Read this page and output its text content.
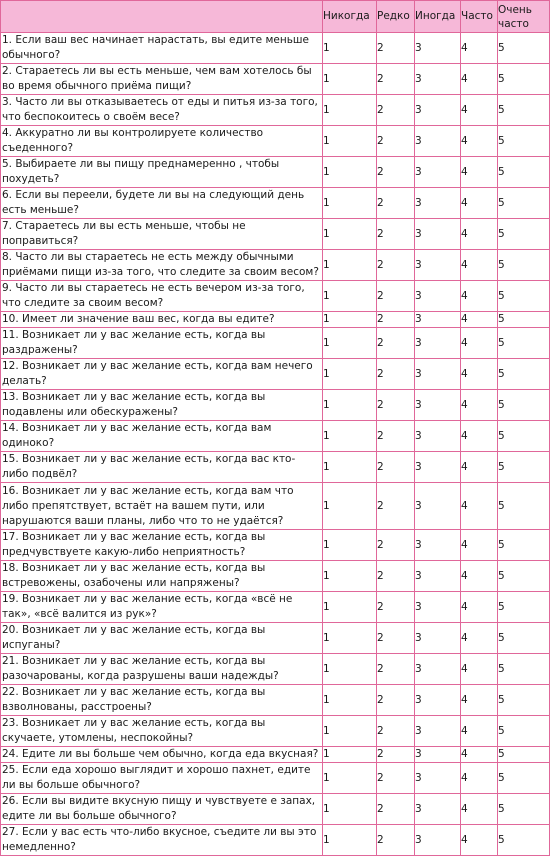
	Никогда	Редко	Иногда	Часто	Очень часто
1. Если ваш вес начинает нарастать, вы едите меньше обычного?	1	2	3	4	5
2. Стараетесь ли вы есть меньше, чем вам хотелось бы во время обычного приёма пищи?	1	2	3	4	5
3. Часто ли вы отказываетесь от еды и питья из-за того, что беспокоитесь о своём весе?	1	2	3	4	5
4. Аккуратно ли вы контролируете количество съеденного?	1	2	3	4	5
5. Выбираете ли вы пищу преднамеренно , чтобы похудеть?	1	2	3	4	5
6. Если вы переели, будете ли вы на следующий день есть меньше?	1	2	3	4	5
7. Стараетесь ли вы есть меньше, чтобы не поправиться?	1	2	3	4	5
8. Часто ли вы стараетесь не есть между обычными приёмами пищи из-за того, что следите за своим весом?	1	2	3	4	5
9. Часто ли вы стараетесь не есть вечером из-за того, что следите за своим весом?	1	2	3	4	5
10. Имеет ли значение ваш вес, когда вы едите?	1	2	3	4	5
11. Возникает ли у вас желание есть, когда вы раздражены?	1	2	3	4	5
12. Возникает ли у вас желание есть, когда вам нечего делать?	1	2	3	4	5
13. Возникает ли у вас желание есть, когда вы подавлены или обескуражены?	1	2	3	4	5
14. Возникает ли у вас желание есть, когда вам одиноко?	1	2	3	4	5
15. Возникает ли у вас желание есть, когда вас кто-либо подвёл?	1	2	3	4	5
16. Возникает ли у вас желание есть, когда вам что либо препятствует, встаёт на вашем пути, или нарушаются ваши планы, либо что то не удаётся?	1	2	3	4	5
17. Возникает ли у вас желание есть, когда вы предчувствуете какую-либо неприятность?	1	2	3	4	5
18. Возникает ли у вас желание есть, когда вы встревожены, озабочены или напряжены?	1	2	3	4	5
19. Возникает ли у вас желание есть, когда «всё не так», «всё валится из рук»?	1	2	3	4	5
20. Возникает ли у вас желание есть, когда вы испуганы?	1	2	3	4	5
21. Возникает ли у вас желание есть, когда вы разочарованы, когда разрушены ваши надежды?	1	2	3	4	5
22. Возникает ли у вас желание есть, когда вы взволнованы, расстроены?	1	2	3	4	5
23. Возникает ли у вас желание есть, когда вы скучаете, утомлены, неспокойны?	1	2	3	4	5
24. Едите ли вы больше чем обычно, когда еда вкусная?	1	2	3	4	5
25. Если еда хорошо выглядит и хорошо пахнет, едите ли вы больше обычного?	1	2	3	4	5
26. Если вы видите вкусную пищу и чувствуете е запах, едите ли вы больше обычного?	1	2	3	4	5
27. Если у вас есть что-либо вкусное, съедите ли вы это немедленно?	1	2	3	4	5
